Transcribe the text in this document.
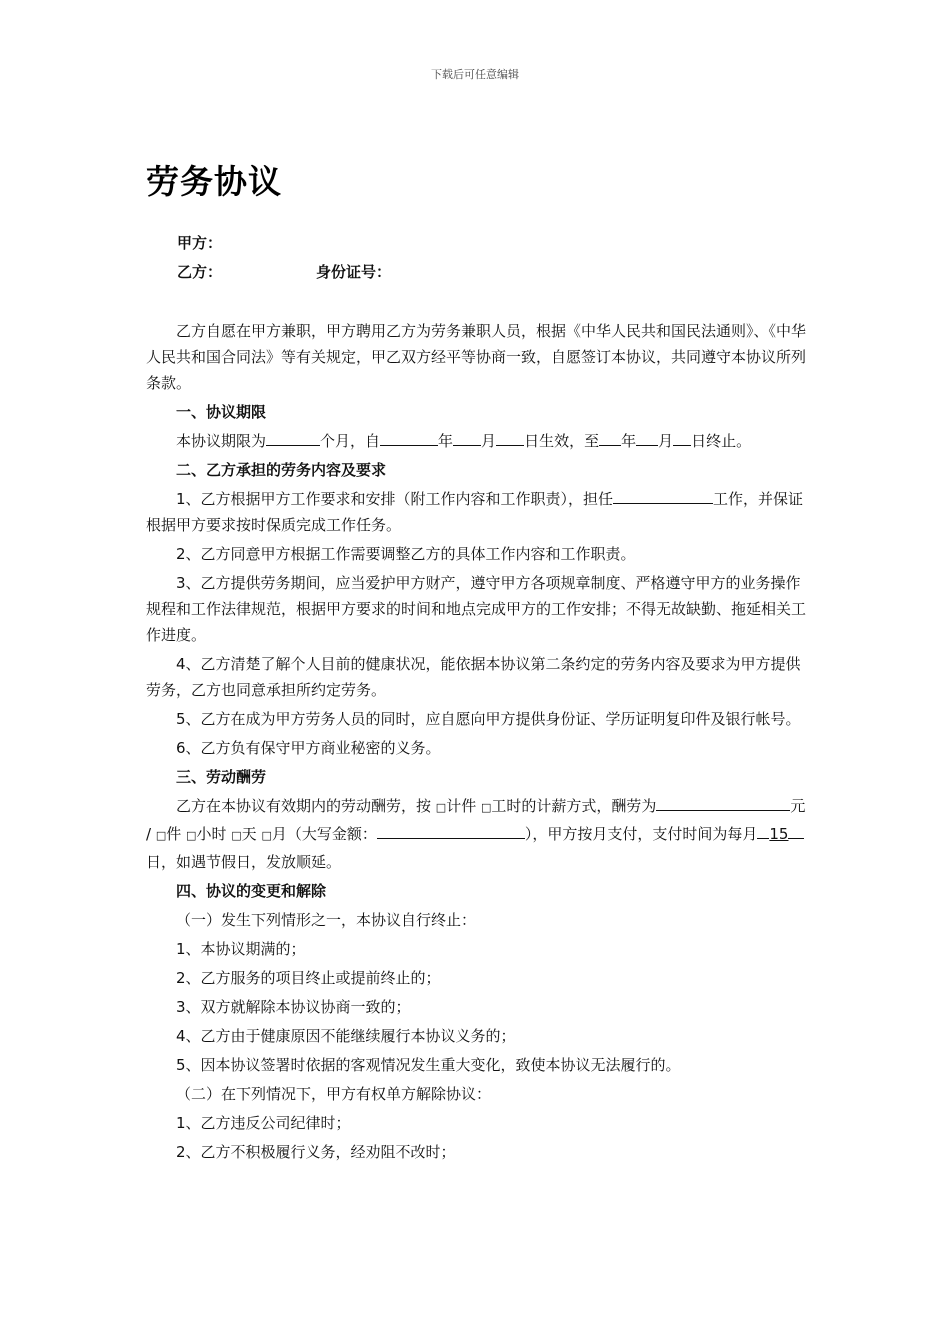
下载后可任意编辑
劳务协议
甲方：
乙方：	身份证号：

乙方自愿在甲方兼职，甲方聘用乙方为劳务兼职人员，根据《中华人民共和国民法通则》、《中华人民共和国合同法》等有关规定，甲乙双方经平等协商一致，自愿签订本协议，共同遵守本协议所列条款。

一、协议期限

本协议期限为	个月，自	年 月 日生效，至 年 月 日终止。

二、乙方承担的劳务内容及要求

1、乙方根据甲方工作要求和安排（附工作内容和工作职责），担任	工作，并保证根据甲方要求按时保质完成工作任务。

2、乙方同意甲方根据工作需要调整乙方的具体工作内容和工作职责。

3、乙方提供劳务期间，应当爱护甲方财产，遵守甲方各项规章制度、严格遵守甲方的业务操作规程和工作法律规范，根据甲方要求的时间和地点完成甲方的工作安排；不得无故缺勤、拖延相关工作进度。

4、乙方清楚了解个人目前的健康状况，能依据本协议第二条约定的劳务内容及要求为甲方提供劳务，乙方也同意承担所约定劳务。

5、乙方在成为甲方劳务人员的同时，应自愿向甲方提供身份证、学历证明复印件及银行帐号。

6、乙方负有保守甲方商业秘密的义务。

三、劳动酬劳

乙方在本协议有效期内的劳动酬劳，按 □计件 □工时的计薪方式，酬劳为	元 / □件 □小时 □天 □月（大写金额：	），甲方按月支付，支付时间为每月 15日，如遇节假日，发放顺延。

四、协议的变更和解除

（一）发生下列情形之一，本协议自行终止：

1、本协议期满的；

2、乙方服务的项目终止或提前终止的；

3、双方就解除本协议协商一致的；

4、乙方由于健康原因不能继续履行本协议义务的；

5、因本协议签署时依据的客观情况发生重大变化，致使本协议无法履行的。

（二）在下列情况下，甲方有权单方解除协议：

1、乙方违反公司纪律时；

2、乙方不积极履行义务，经劝阻不改时；
